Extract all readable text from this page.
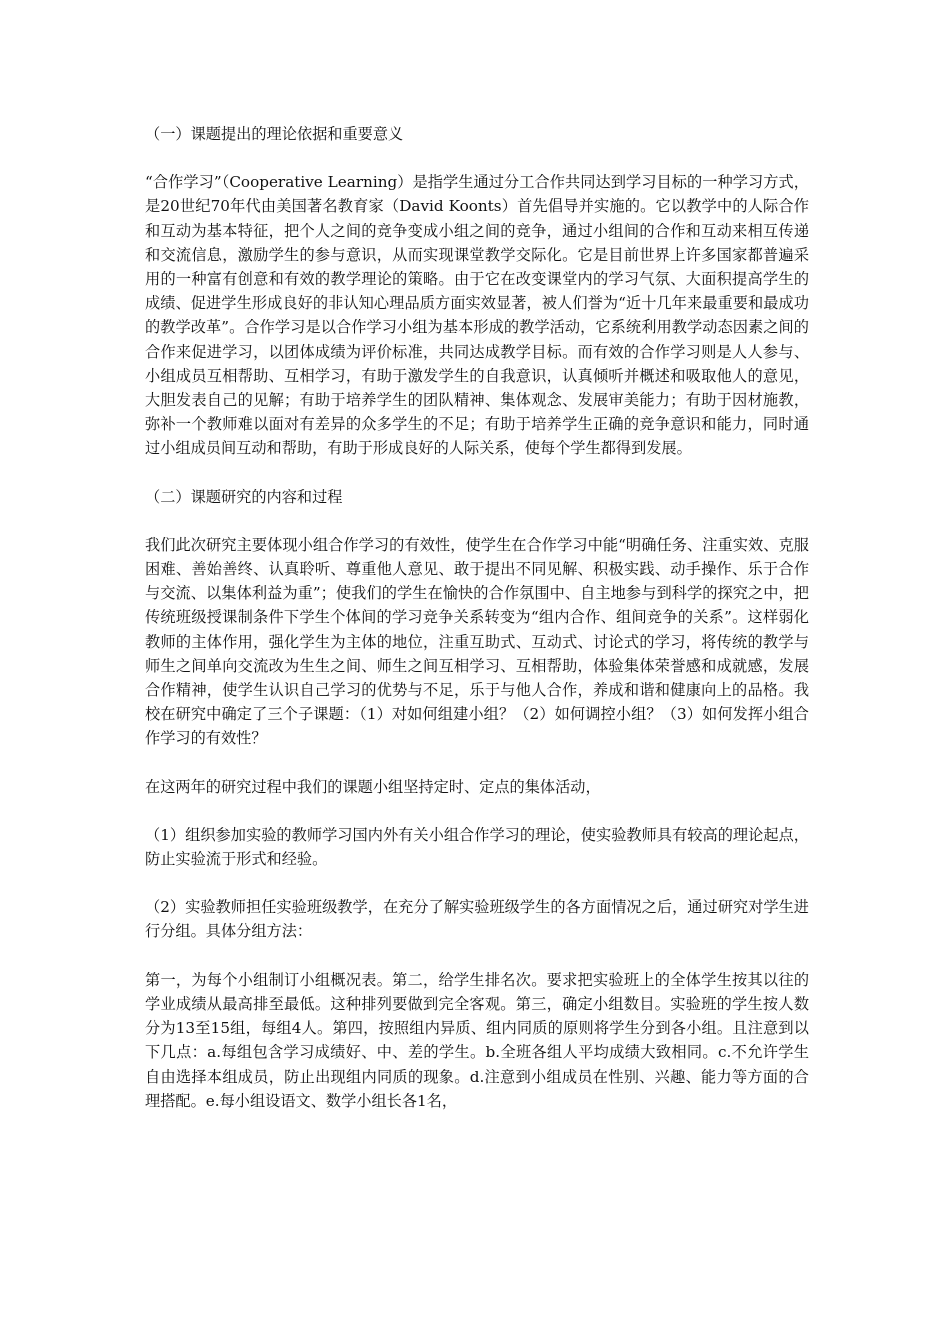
（一）课题提出的理论依据和重要意义

“合作学习”（Cooperative Learning）是指学生通过分工合作共同达到学习目标的一种学习方式，是20世纪70年代由美国著名教育家（David Koonts）首先倡导并实施的。它以教学中的人际合作和互动为基本特征，把个人之间的竞争变成小组之间的竞争，通过小组间的合作和互动来相互传递和交流信息，激励学生的参与意识，从而实现课堂教学交际化。它是目前世界上许多国家都普遍采用的一种富有创意和有效的教学理论的策略。由于它在改变课堂内的学习气氛、大面积提高学生的成绩、促进学生形成良好的非认知心理品质方面实效显著，被人们誉为“近十几年来最重要和最成功的教学改革”。合作学习是以合作学习小组为基本形成的教学活动，它系统利用教学动态因素之间的合作来促进学习，以团体成绩为评价标准，共同达成教学目标。而有效的合作学习则是人人参与、小组成员互相帮助、互相学习，有助于激发学生的自我意识，认真倾听并概述和吸取他人的意见，大胆发表自己的见解；有助于培养学生的团队精神、集体观念、发展审美能力；有助于因材施教，弥补一个教师难以面对有差异的众多学生的不足；有助于培养学生正确的竞争意识和能力，同时通过小组成员间互动和帮助，有助于形成良好的人际关系，使每个学生都得到发展。

（二）课题研究的内容和过程

我们此次研究主要体现小组合作学习的有效性，使学生在合作学习中能“明确任务、注重实效、克服困难、善始善终、认真聆听、尊重他人意见、敢于提出不同见解、积极实践、动手操作、乐于合作与交流、以集体利益为重”；使我们的学生在愉快的合作氛围中、自主地参与到科学的探究之中，把传统班级授课制条件下学生个体间的学习竞争关系转变为“组内合作、组间竞争的关系”。这样弱化教师的主体作用，强化学生为主体的地位，注重互助式、互动式、讨论式的学习，将传统的教学与师生之间单向交流改为生生之间、师生之间互相学习、互相帮助，体验集体荣誉感和成就感，发展合作精神，使学生认识自己学习的优势与不足，乐于与他人合作，养成和谐和健康向上的品格。我校在研究中确定了三个子课题：（1）对如何组建小组？（2）如何调控小组？（3）如何发挥小组合作学习的有效性？

在这两年的研究过程中我们的课题小组坚持定时、定点的集体活动，

（1）组织参加实验的教师学习国内外有关小组合作学习的理论，使实验教师具有较高的理论起点，防止实验流于形式和经验。

（2）实验教师担任实验班级教学，在充分了解实验班级学生的各方面情况之后，通过研究对学生进行分组。具体分组方法：

第一，为每个小组制订小组概况表。第二，给学生排名次。要求把实验班上的全体学生按其以往的学业成绩从最高排至最低。这种排列要做到完全客观。第三，确定小组数目。实验班的学生按人数分为13至15组，每组4人。第四，按照组内异质、组内同质的原则将学生分到各小组。且注意到以下几点：a.每组包含学习成绩好、中、差的学生。b.全班各组人平均成绩大致相同。c.不允许学生自由选择本组成员，防止出现组内同质的现象。d.注意到小组成员在性别、兴趣、能力等方面的合理搭配。e.每小组设语文、数学小组长各1名，
